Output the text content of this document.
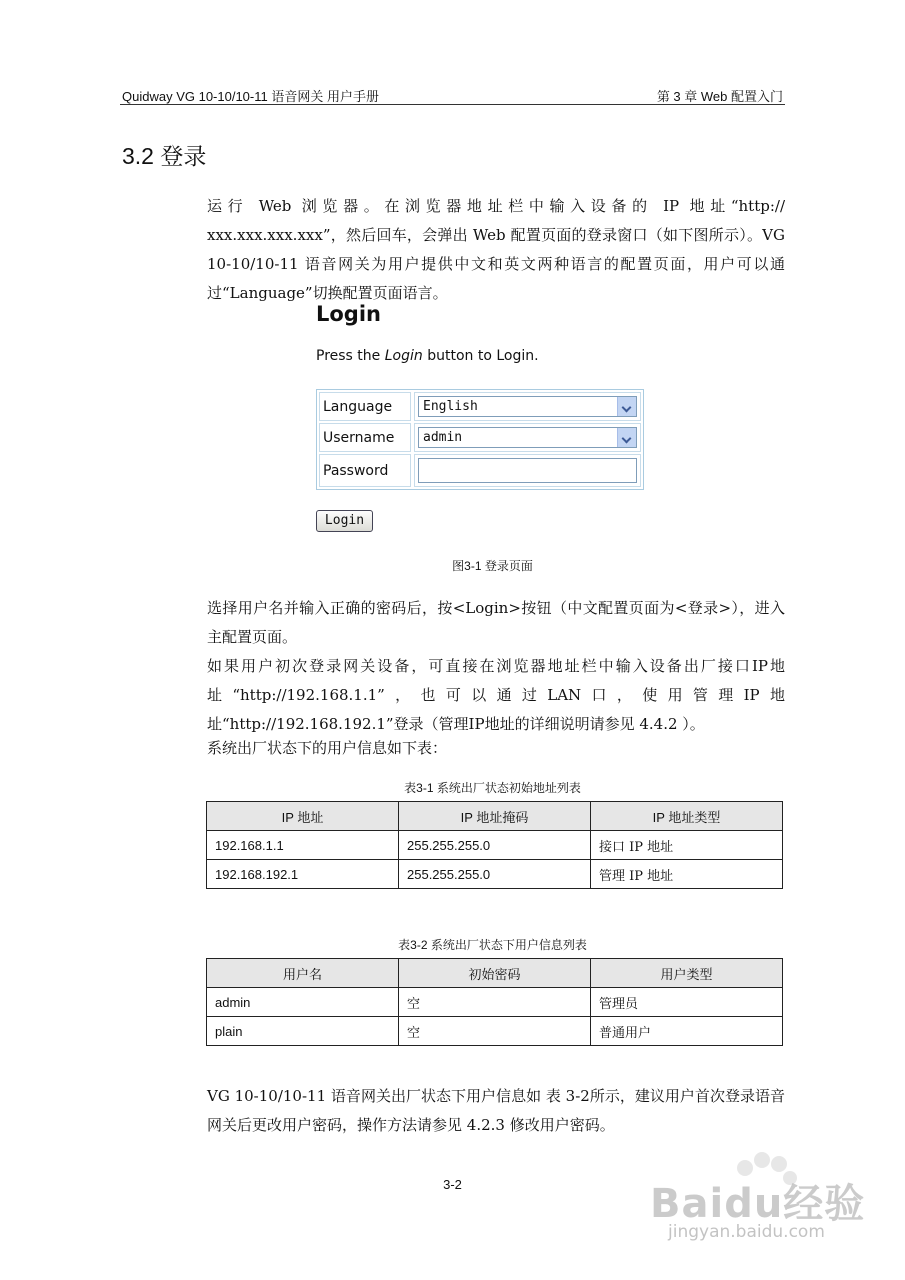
Quidway VG 10-10/10-11 语音网关 用户手册	第 3 章 Web 配置入门
3.2 登录
运行 Web 浏览器。在浏览器地址栏中输入设备的 IP 地址“http:// xxx.xxx.xxx.xxx”，然后回车，会弹出 Web 配置页面的登录窗口（如下图所示）。VG 10-10/10-11 语音网关为用户提供中文和英文两种语言的配置页面，用户可以通过“Language”切换配置页面语言。
Login
Press the Login button to Login.
Language	English
Username	admin
Password
Login
图3-1 登录页面
选择用户名并输入正确的密码后，按<Login>按钮（中文配置页面为<登录>），进入主配置页面。
如果用户初次登录网关设备，可直接在浏览器地址栏中输入设备出厂接口IP地址“http://192.168.1.1”，也可以通过LAN口，使用管理IP地址“http://192.168.192.1”登录（管理IP地址的详细说明请参见 4.4.2 ）。
系统出厂状态下的用户信息如下表：
表3-1 系统出厂状态初始地址列表
IP 地址	IP 地址掩码	IP 地址类型
192.168.1.1	255.255.255.0	接口 IP 地址
192.168.192.1	255.255.255.0	管理 IP 地址
表3-2 系统出厂状态下用户信息列表
用户名	初始密码	用户类型
admin	空	管理员
plain	空	普通用户
VG 10-10/10-11 语音网关出厂状态下用户信息如 表 3-2所示，建议用户首次登录语音网关后更改用户密码，操作方法请参见 4.2.3 修改用户密码。
3-2	Baidu经验
jingyan.baidu.com
